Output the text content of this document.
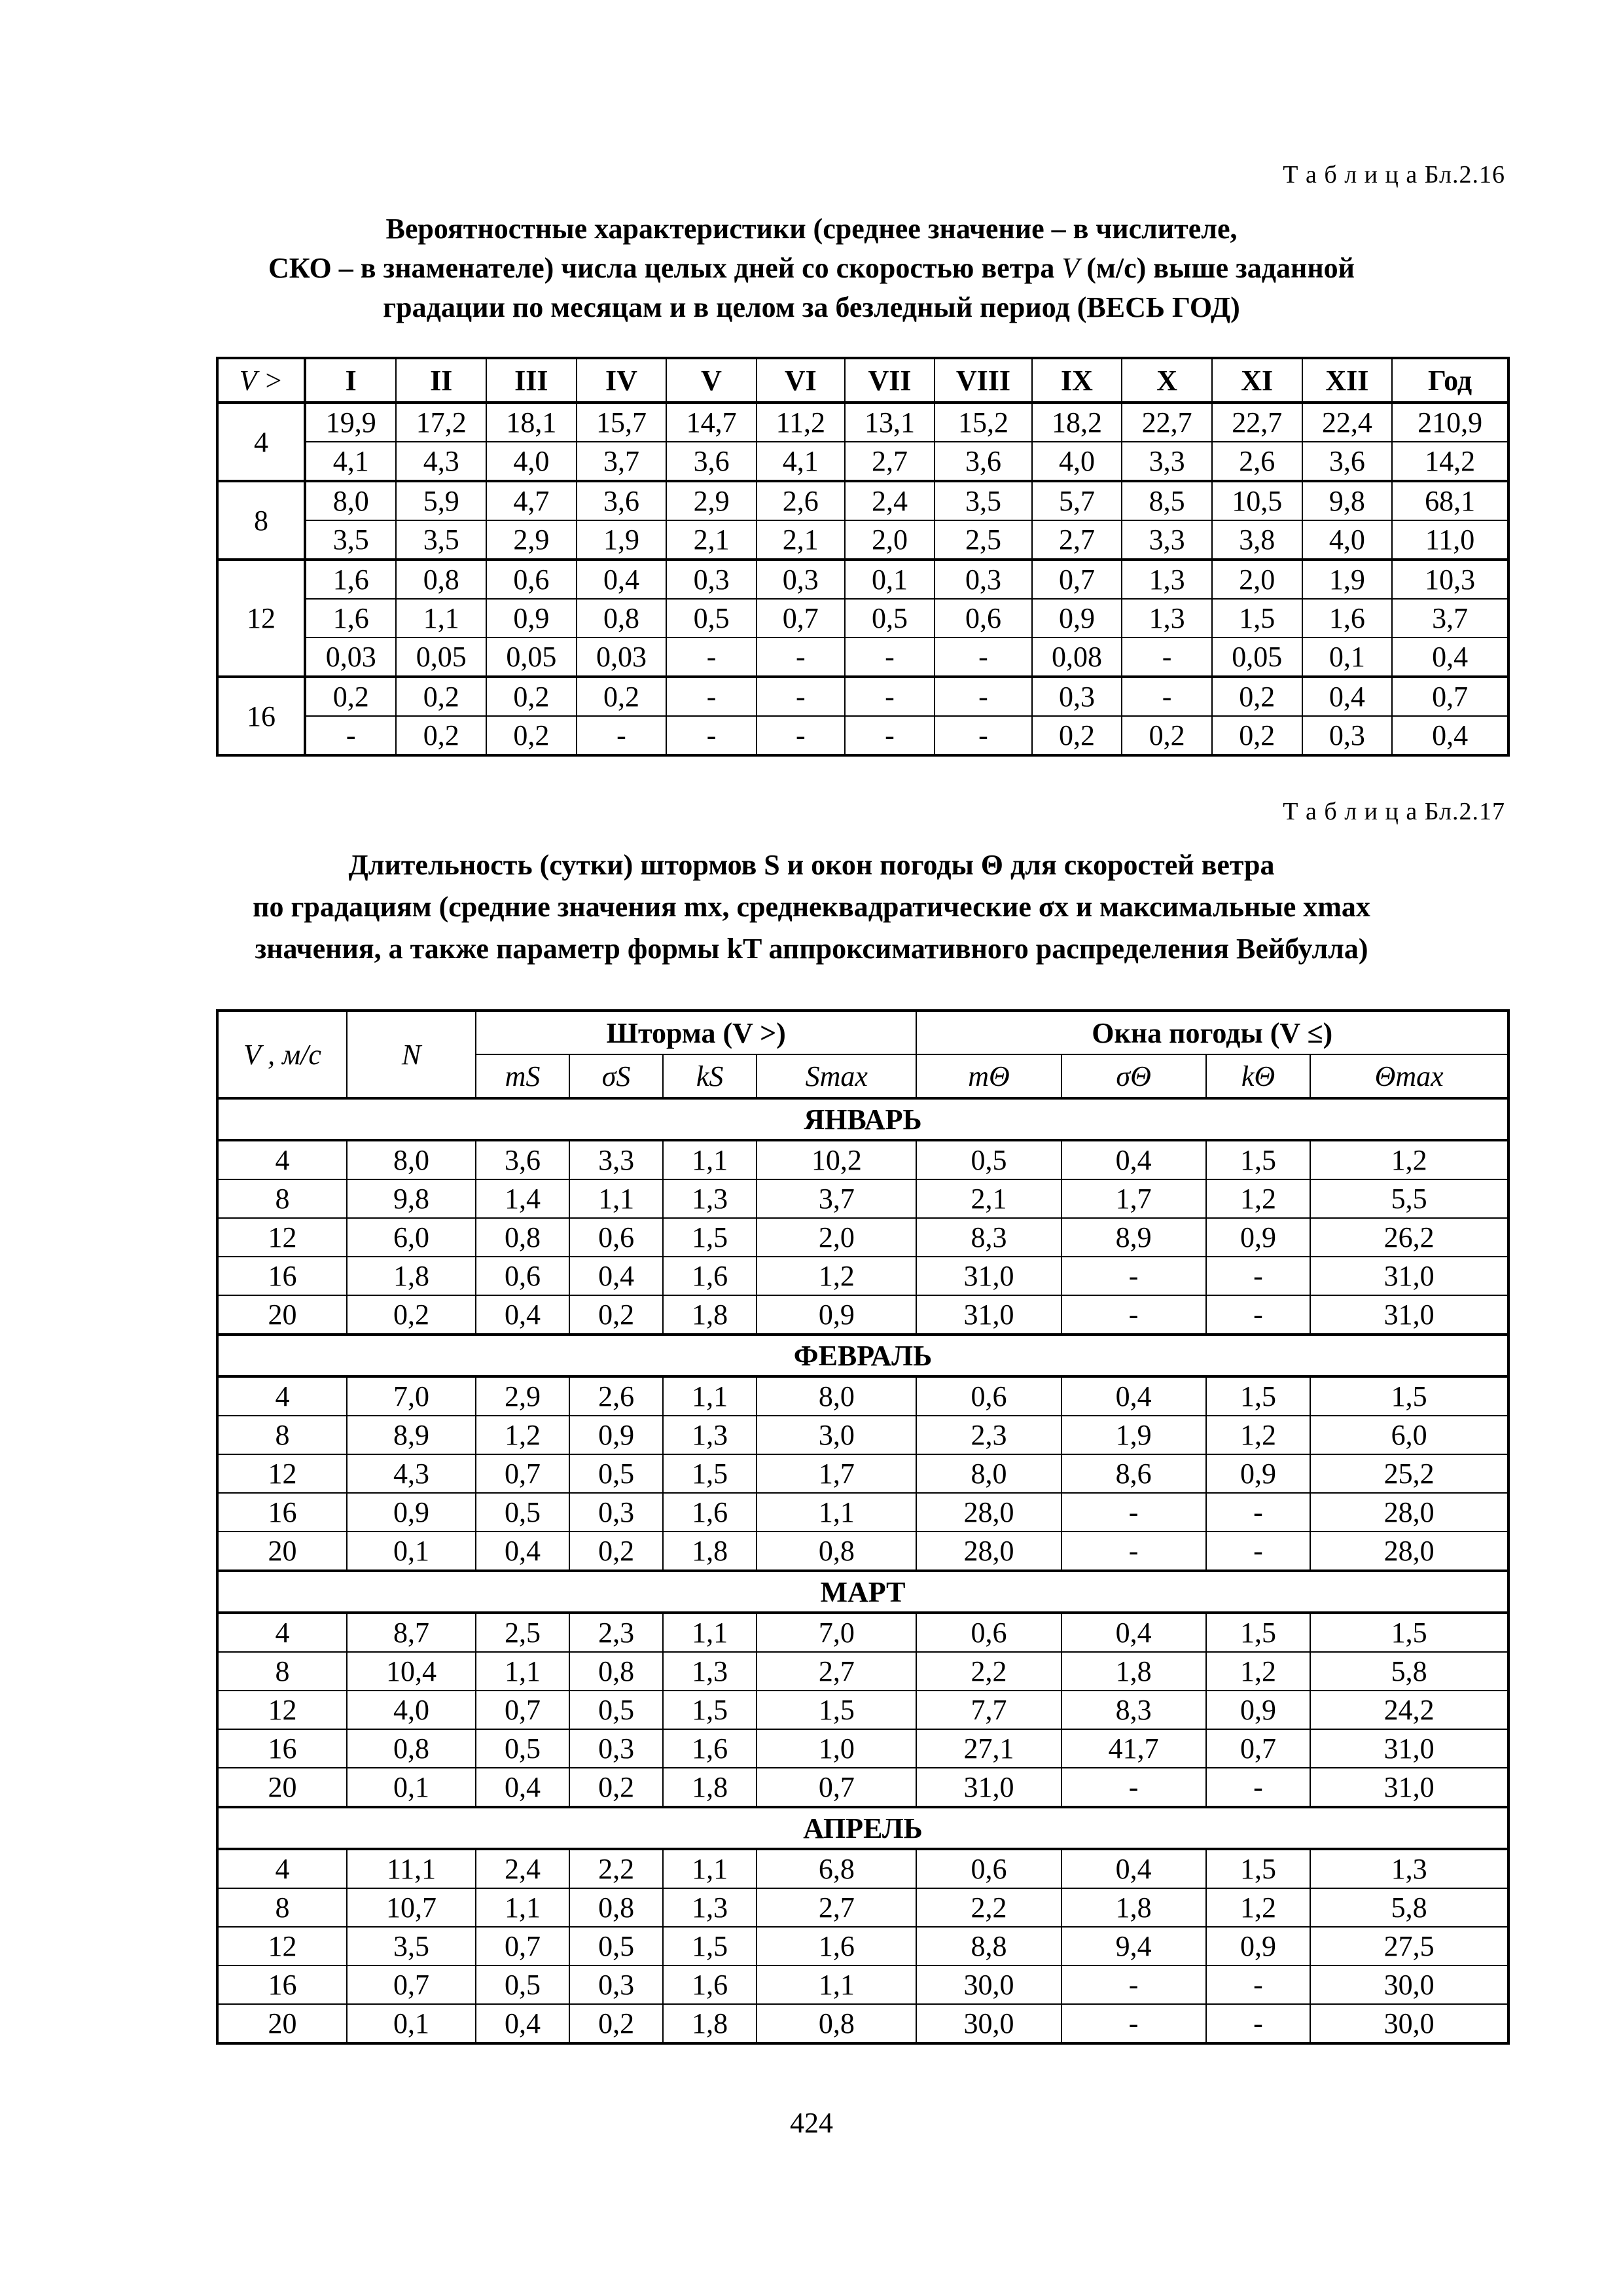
Т а б л и ц а Бл.2.16
Вероятностные характеристики (среднее значение – в числителе,
СКО – в знаменателе) числа целых дней со скоростью ветра V (м/с) выше заданной
градации по месяцам и в целом за безледный период (ВЕСЬ ГОД)
V >	I	II	III	IV	V	VI	VII	VIII	IX	X	XI	XII	Год
4	19,9	17,2	18,1	15,7	14,7	11,2	13,1	15,2	18,2	22,7	22,7	22,4	210,9
	4,1	4,3	4,0	3,7	3,6	4,1	2,7	3,6	4,0	3,3	2,6	3,6	14,2
8	8,0	5,9	4,7	3,6	2,9	2,6	2,4	3,5	5,7	8,5	10,5	9,8	68,1
	3,5	3,5	2,9	1,9	2,1	2,1	2,0	2,5	2,7	3,3	3,8	4,0	11,0
12	1,6	0,8	0,6	0,4	0,3	0,3	0,1	0,3	0,7	1,3	2,0	1,9	10,3
	1,6	1,1	0,9	0,8	0,5	0,7	0,5	0,6	0,9	1,3	1,5	1,6	3,7
	0,03	0,05	0,05	0,03	-	-	-	-	0,08	-	0,05	0,1	0,4
16	0,2	0,2	0,2	0,2	-	-	-	-	0,3	-	0,2	0,4	0,7
	-	0,2	0,2	-	-	-	-	-	0,2	0,2	0,2	0,3	0,4
Т а б л и ц а Бл.2.17
Длительность (сутки) штормов S и окон погоды Θ для скоростей ветра
по градациям (средние значения mx, среднеквадратические σx и максимальные xmax
значения, а также параметр формы kT аппроксимативного распределения Вейбулла)
V , м/с	N	Шторма (V >)				Окна погоды (V ≤)			
		mS	σS	kS	Smax	mΘ	σΘ	kΘ	Θmax
ЯНВАРЬ									
4	8,0	3,6	3,3	1,1	10,2	0,5	0,4	1,5	1,2
8	9,8	1,4	1,1	1,3	3,7	2,1	1,7	1,2	5,5
12	6,0	0,8	0,6	1,5	2,0	8,3	8,9	0,9	26,2
16	1,8	0,6	0,4	1,6	1,2	31,0	-	-	31,0
20	0,2	0,4	0,2	1,8	0,9	31,0	-	-	31,0
ФЕВРАЛЬ									
4	7,0	2,9	2,6	1,1	8,0	0,6	0,4	1,5	1,5
8	8,9	1,2	0,9	1,3	3,0	2,3	1,9	1,2	6,0
12	4,3	0,7	0,5	1,5	1,7	8,0	8,6	0,9	25,2
16	0,9	0,5	0,3	1,6	1,1	28,0	-	-	28,0
20	0,1	0,4	0,2	1,8	0,8	28,0	-	-	28,0
МАРТ									
4	8,7	2,5	2,3	1,1	7,0	0,6	0,4	1,5	1,5
8	10,4	1,1	0,8	1,3	2,7	2,2	1,8	1,2	5,8
12	4,0	0,7	0,5	1,5	1,5	7,7	8,3	0,9	24,2
16	0,8	0,5	0,3	1,6	1,0	27,1	41,7	0,7	31,0
20	0,1	0,4	0,2	1,8	0,7	31,0	-	-	31,0
АПРЕЛЬ									
4	11,1	2,4	2,2	1,1	6,8	0,6	0,4	1,5	1,3
8	10,7	1,1	0,8	1,3	2,7	2,2	1,8	1,2	5,8
12	3,5	0,7	0,5	1,5	1,6	8,8	9,4	0,9	27,5
16	0,7	0,5	0,3	1,6	1,1	30,0	-	-	30,0
20	0,1	0,4	0,2	1,8	0,8	30,0	-	-	30,0
424
